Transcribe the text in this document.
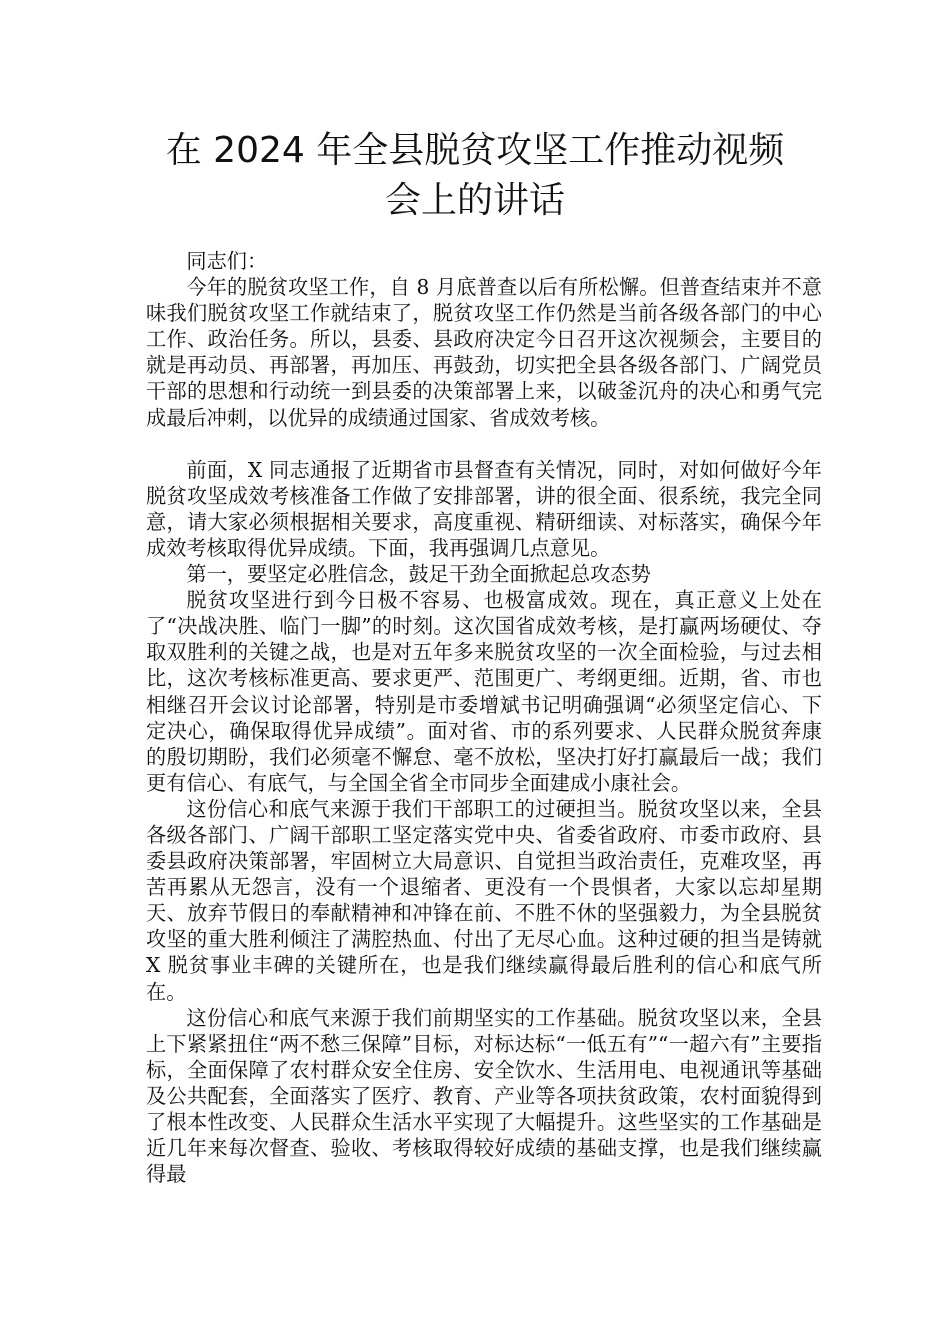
在 2024 年全县脱贫攻坚工作推动视频
会上的讲话

同志们：

今年的脱贫攻坚工作，自 8 月底普查以后有所松懈。但普查结束并不意味我们脱贫攻坚工作就结束了，脱贫攻坚工作仍然是当前各级各部门的中心工作、政治任务。所以，县委、县政府决定今日召开这次视频会，主要目的就是再动员、再部署，再加压、再鼓劲，切实把全县各级各部门、广阔党员干部的思想和行动统一到县委的决策部署上来，以破釜沉舟的决心和勇气完成最后冲刺，以优异的成绩通过国家、省成效考核。

前面，X 同志通报了近期省市县督查有关情况，同时，对如何做好今年脱贫攻坚成效考核准备工作做了安排部署，讲的很全面、很系统，我完全同意，请大家必须根据相关要求，高度重视、精研细读、对标落实，确保今年成效考核取得优异成绩。下面，我再强调几点意见。

第一，要坚定必胜信念，鼓足干劲全面掀起总攻态势

脱贫攻坚进行到今日极不容易、也极富成效。现在，真正意义上处在了“决战决胜、临门一脚”的时刻。这次国省成效考核，是打赢两场硬仗、夺取双胜利的关键之战，也是对五年多来脱贫攻坚的一次全面检验，与过去相比，这次考核标准更高、要求更严、范围更广、考纲更细。近期，省、市也相继召开会议讨论部署，特别是市委增斌书记明确强调“必须坚定信心、下定决心，确保取得优异成绩”。面对省、市的系列要求、人民群众脱贫奔康的殷切期盼，我们必须毫不懈怠、毫不放松，坚决打好打赢最后一战；我们更有信心、有底气，与全国全省全市同步全面建成小康社会。

这份信心和底气来源于我们干部职工的过硬担当。脱贫攻坚以来，全县各级各部门、广阔干部职工坚定落实党中央、省委省政府、市委市政府、县委县政府决策部署，牢固树立大局意识、自觉担当政治责任，克难攻坚，再苦再累从无怨言，没有一个退缩者、更没有一个畏惧者，大家以忘却星期天、放弃节假日的奉献精神和冲锋在前、不胜不休的坚强毅力，为全县脱贫攻坚的重大胜利倾注了满腔热血、付出了无尽心血。这种过硬的担当是铸就 X 脱贫事业丰碑的关键所在，也是我们继续赢得最后胜利的信心和底气所在。

这份信心和底气来源于我们前期坚实的工作基础。脱贫攻坚以来，全县上下紧紧扭住“两不愁三保障”目标，对标达标“一低五有”“一超六有”主要指标，全面保障了农村群众安全住房、安全饮水、生活用电、电视通讯等基础及公共配套，全面落实了医疗、教育、产业等各项扶贫政策，农村面貌得到了根本性改变、人民群众生活水平实现了大幅提升。这些坚实的工作基础是近几年来每次督查、验收、考核取得较好成绩的基础支撑，也是我们继续赢得最
